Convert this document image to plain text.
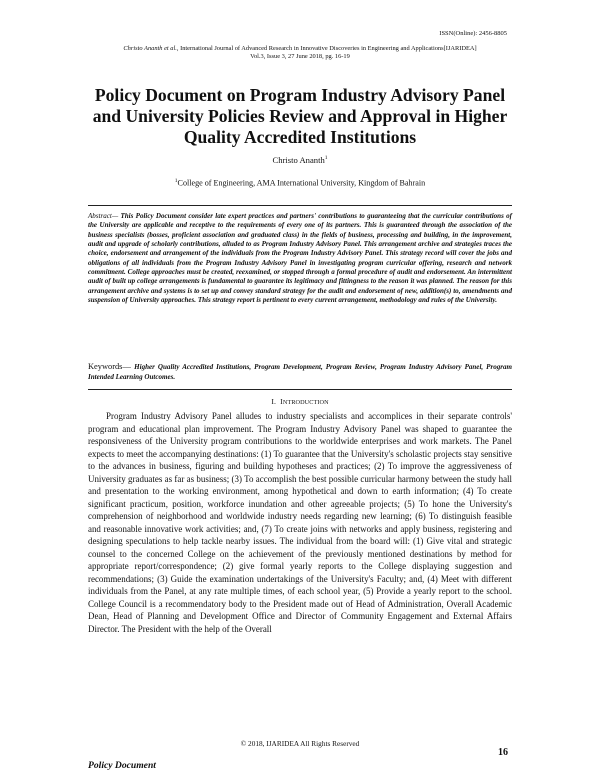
ISSN(Online): 2456-8805
Christo Ananth et al., International Journal of Advanced Research in Innovative Discoveries in Engineering and Applications[IJARIDEA]
Vol.3, Issue 3, 27 June 2018, pg. 16-19
Policy Document on Program Industry Advisory Panel and University Policies Review and Approval in Higher Quality Accredited Institutions
Christo Ananth$^1$
$^1$College of Engineering, AMA International University, Kingdom of Bahrain

Abstract— This Policy Document consider late expert practices and partners' contributions to guaranteeing that the curricular contributions of the University are applicable and receptive to the requirements of every one of its partners. This is guaranteed through the association of the business specialists (bosses, proficient association and graduated class) in the fields of business, processing and building, in the improvement, audit and upgrade of scholarly contributions, alluded to as Program Industry Advisory Panel. This arrangement archive and strategies traces the choice, endorsement and arrangement of the individuals from the Program Industry Advisory Panel. This strategy record will cover the jobs and obligations of all individuals from the Program Industry Advisory Panel in investigating program curricular offering, research and network commitment. College approaches must be created, reexamined, or stopped through a formal procedure of audit and endorsement. An intermittent audit of built up college arrangements is fundamental to guarantee its legitimacy and fittingness to the reason it was planned. The reason for this arrangement archive and systems is to set up and convey standard strategy for the audit and endorsement of new, addition(s) to, amendments and suspension of University approaches. This strategy report is pertinent to every current arrangement, methodology and rules of the University.

Keywords— Higher Quality Accredited Institutions, Program Development, Program Review, Program Industry Advisory Panel, Program Intended Learning Outcomes.

I. INTRODUCTION

Program Industry Advisory Panel alludes to industry specialists and accomplices in their separate controls' program and educational plan improvement. The Program Industry Advisory Panel was shaped to guarantee the responsiveness of the University program contributions to the worldwide enterprises and work markets. The Panel expects to meet the accompanying destinations: (1) To guarantee that the University's scholastic projects stay sensitive to the advances in business, figuring and building hypotheses and practices; (2) To improve the aggressiveness of University graduates as far as business; (3) To accomplish the best possible curricular harmony between the study hall and presentation to the working environment, among hypothetical and down to earth information; (4) To create significant practicum, position, workforce inundation and other agreeable projects; (5) To hone the University's comprehension of neighborhood and worldwide industry needs regarding new learning; (6) To distinguish feasible and reasonable innovative work activities; and, (7) To create joins with networks and apply business, registering and designing speculations to help tackle nearby issues. The individual from the board will: (1) Give vital and strategic counsel to the concerned College on the achievement of the previously mentioned destinations by method for appropriate report/correspondence; (2) give formal yearly reports to the College displaying suggestion and recommendations; (3) Guide the examination undertakings of the University's Faculty; and, (4) Meet with different individuals from the Panel, at any rate multiple times, of each school year, (5) Provide a yearly report to the school. College Council is a recommendatory body to the President made out of Head of Administration, Overall Academic Dean, Head of Planning and Development Office and Director of Community Engagement and External Affairs Director. The President with the help of the Overall

© 2018, IJARIDEA All Rights Reserved
16
Policy Document
